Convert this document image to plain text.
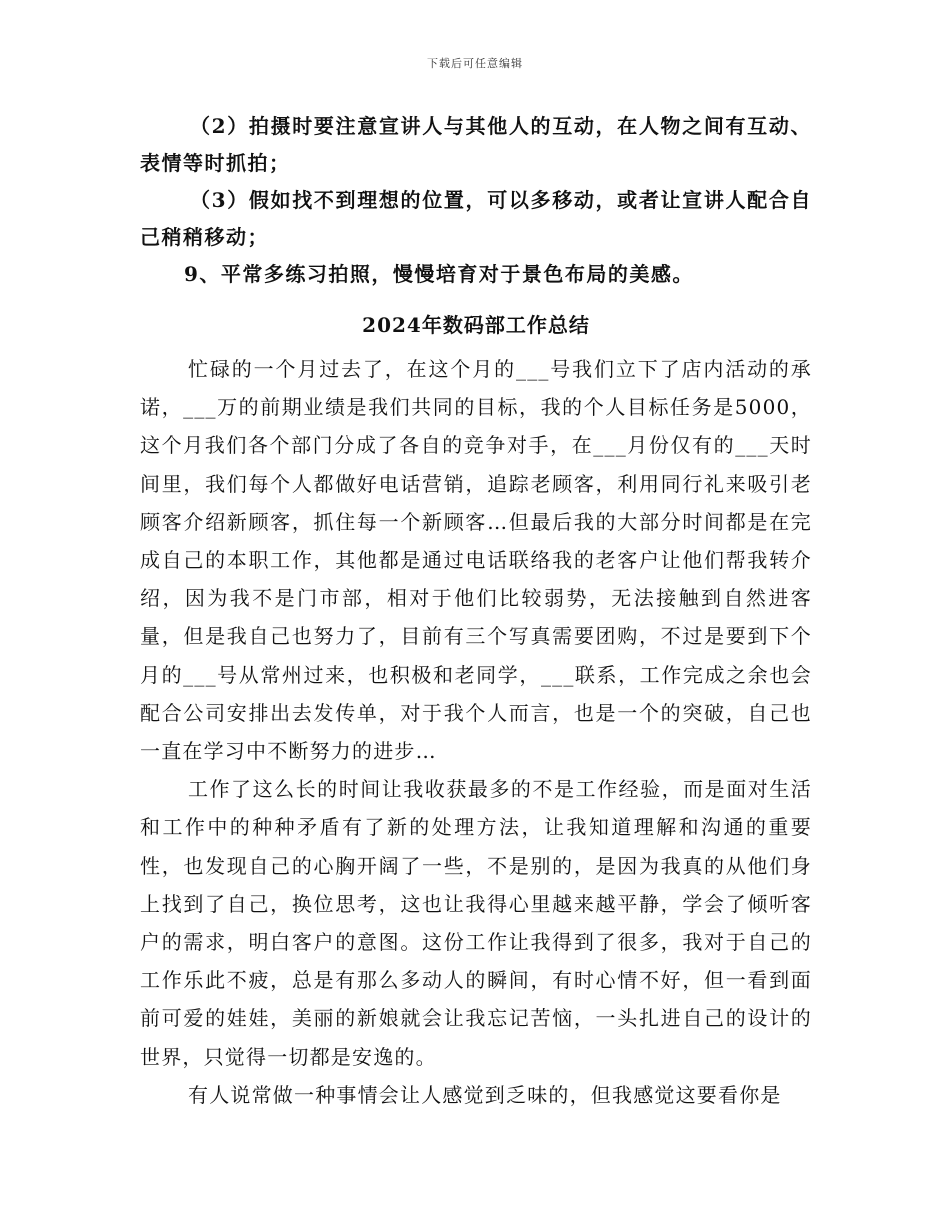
下载后可任意编辑

（2）拍摄时要注意宣讲人与其他人的互动，在人物之间有互动、表情等时抓拍；

（3）假如找不到理想的位置，可以多移动，或者让宣讲人配合自己稍稍移动；

9、平常多练习拍照，慢慢培育对于景色布局的美感。

2024年数码部工作总结

忙碌的一个月过去了，在这个月的___号我们立下了店内活动的承诺，___万的前期业绩是我们共同的目标，我的个人目标任务是5000，这个月我们各个部门分成了各自的竞争对手，在___月份仅有的___天时间里，我们每个人都做好电话营销，追踪老顾客，利用同行礼来吸引老顾客介绍新顾客，抓住每一个新顾客…但最后我的大部分时间都是在完成自己的本职工作，其他都是通过电话联络我的老客户让他们帮我转介绍，因为我不是门市部，相对于他们比较弱势，无法接触到自然进客量，但是我自己也努力了，目前有三个写真需要团购，不过是要到下个月的___号从常州过来，也积极和老同学，___联系，工作完成之余也会配合公司安排出去发传单，对于我个人而言，也是一个的突破，自己也一直在学习中不断努力的进步…

工作了这么长的时间让我收获最多的不是工作经验，而是面对生活和工作中的种种矛盾有了新的处理方法，让我知道理解和沟通的重要性，也发现自己的心胸开阔了一些，不是别的，是因为我真的从他们身上找到了自己，换位思考，这也让我得心里越来越平静，学会了倾听客户的需求，明白客户的意图。这份工作让我得到了很多，我对于自己的工作乐此不疲，总是有那么多动人的瞬间，有时心情不好，但一看到面前可爱的娃娃，美丽的新娘就会让我忘记苦恼，一头扎进自己的设计的世界，只觉得一切都是安逸的。

有人说常做一种事情会让人感觉到乏味的，但我感觉这要看你是
